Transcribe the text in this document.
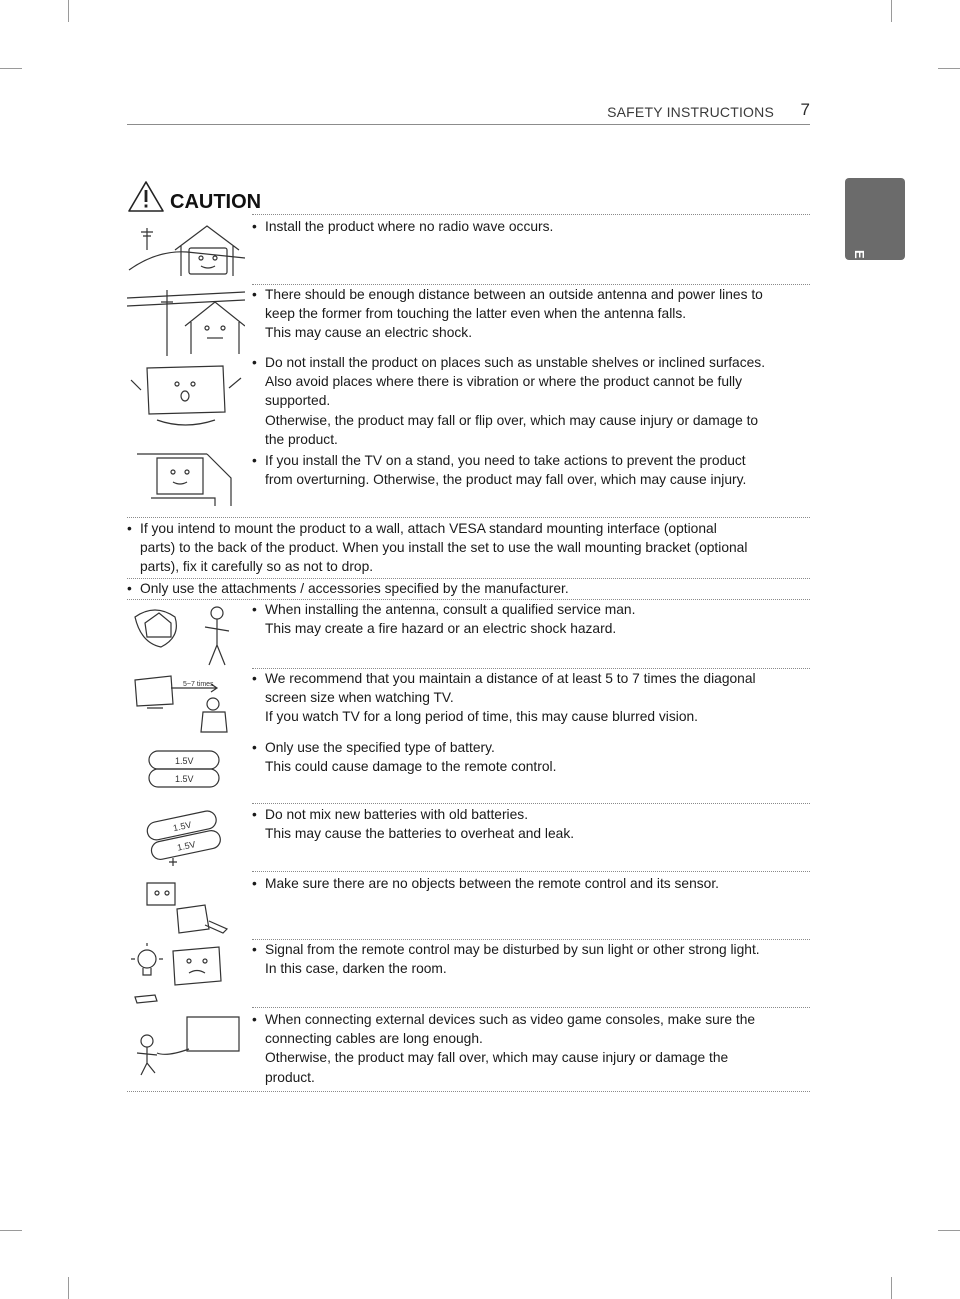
SAFETY INSTRUCTIONS 7
ENGLISH
CAUTION
• Install the product where no radio wave occurs.
• There should be enough distance between an outside antenna and power lines to
keep the former from touching the latter even when the antenna falls.
This may cause an electric shock.
• Do not install the product on places such as unstable shelves or inclined surfaces.
Also avoid places where there is vibration or where the product cannot be fully
supported.
Otherwise, the product may fall or flip over, which may cause injury or damage to
the product.
• If you install the TV on a stand, you need to take actions to prevent the product
from overturning. Otherwise, the product may fall over, which may cause injury.
• If you intend to mount the product to a wall, attach VESA standard mounting interface (optional
parts) to the back of the product. When you install the set to use the wall mounting bracket (optional
parts), fix it carefully so as not to drop.
• Only use the attachments / accessories specified by the manufacturer.
• When installing the antenna, consult a qualified service man.
This may create a fire hazard or an electric shock hazard.
5~7 times
•	We recommend that you maintain a distance of at least 5 to 7 times the diagonal
screen size when watching TV.
If you watch TV for a long period of time, this may cause blurred vision.
1.5V
1.5V
• Only use the specified type of battery.
This could cause damage to the remote control.
1.5V
1.5V
• Do not mix new batteries with old batteries.
This may cause the batteries to overheat and leak.
• Make sure there are no objects between the remote control and its sensor.
• Signal from the remote control may be disturbed by sun light or other strong light.
In this case, darken the room.
• When connecting external devices such as video game consoles, make sure the
connecting cables are long enough.
Otherwise, the product may fall over, which may cause injury or damage the
product.
